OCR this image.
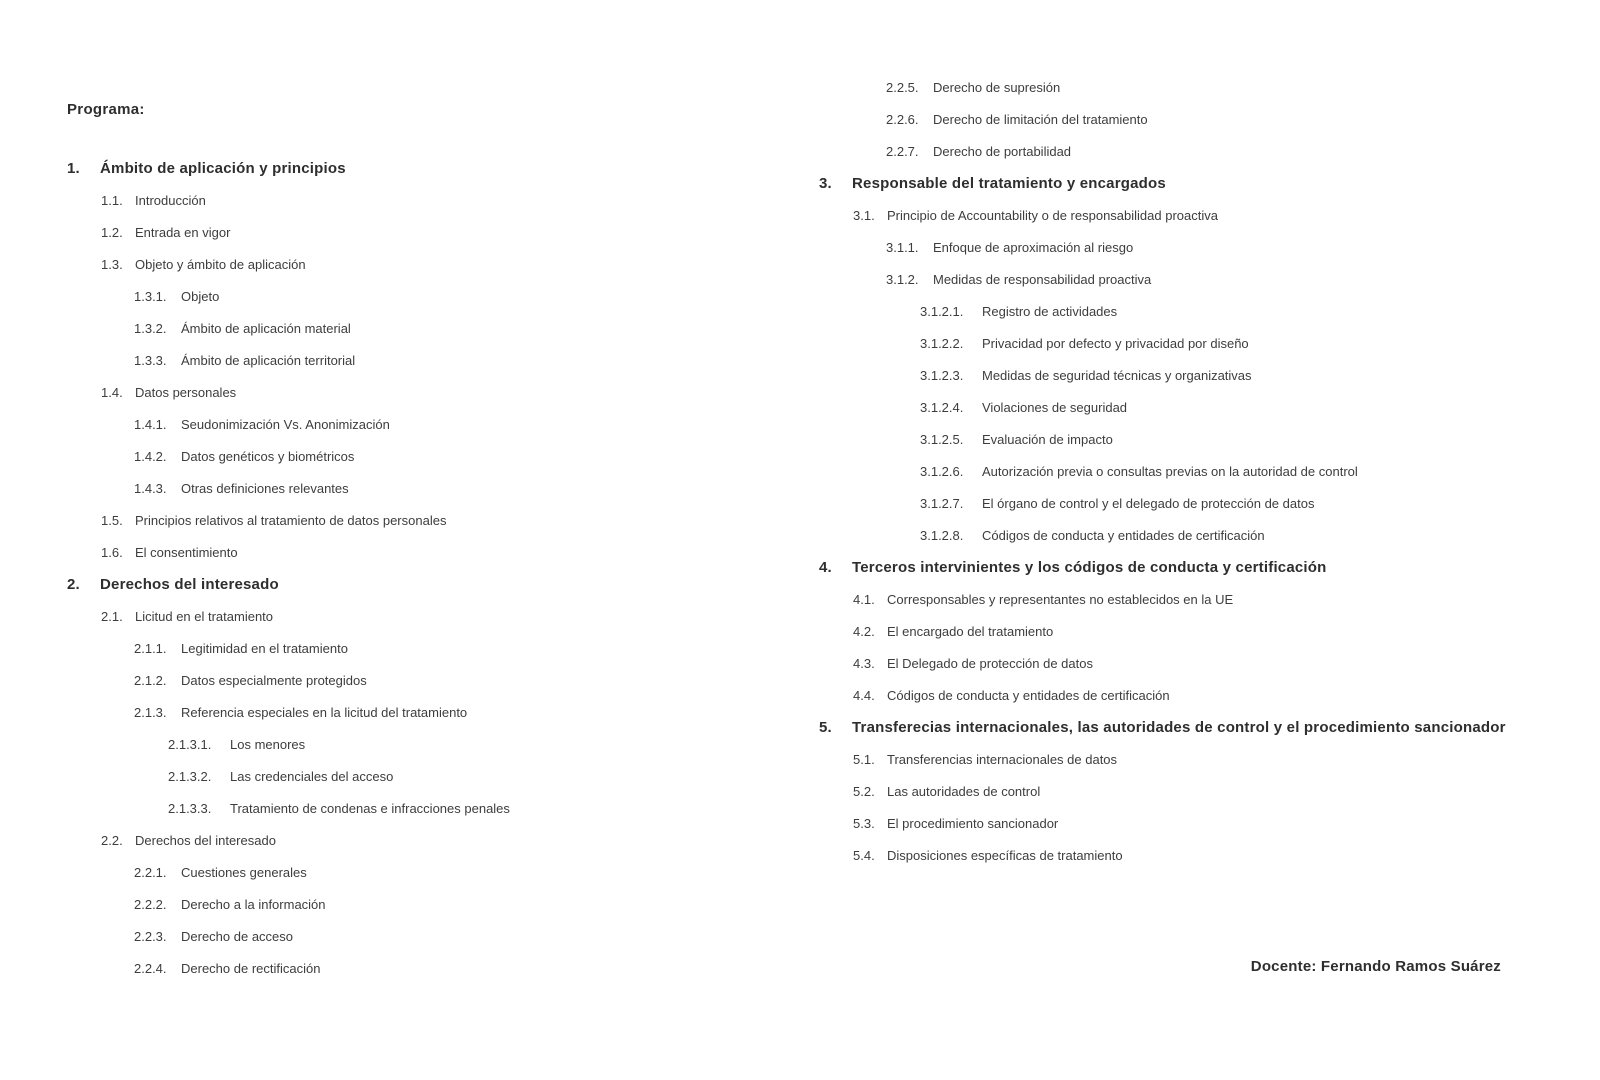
Programa:
1. Ámbito de aplicación y principios
1.1. Introducción
1.2. Entrada en vigor
1.3. Objeto y ámbito de aplicación
1.3.1. Objeto
1.3.2. Ámbito de aplicación material
1.3.3. Ámbito de aplicación territorial
1.4. Datos personales
1.4.1. Seudonimización Vs. Anonimización
1.4.2. Datos genéticos y biométricos
1.4.3. Otras definiciones relevantes
1.5. Principios relativos al tratamiento de datos personales
1.6. El consentimiento
2. Derechos del interesado
2.1. Licitud en el tratamiento
2.1.1. Legitimidad en el tratamiento
2.1.2. Datos especialmente protegidos
2.1.3. Referencia especiales en la licitud del tratamiento
2.1.3.1. Los menores
2.1.3.2. Las credenciales del acceso
2.1.3.3. Tratamiento de condenas e infracciones penales
2.2. Derechos del interesado
2.2.1. Cuestiones generales
2.2.2. Derecho a la información
2.2.3. Derecho de acceso
2.2.4. Derecho de rectificación
2.2.5. Derecho de supresión
2.2.6. Derecho de limitación del tratamiento
2.2.7. Derecho de portabilidad
3. Responsable del tratamiento y encargados
3.1. Principio de Accountability o de responsabilidad proactiva
3.1.1. Enfoque de aproximación al riesgo
3.1.2. Medidas de responsabilidad proactiva
3.1.2.1. Registro de actividades
3.1.2.2. Privacidad por defecto y privacidad por diseño
3.1.2.3. Medidas de seguridad técnicas y organizativas
3.1.2.4. Violaciones de seguridad
3.1.2.5. Evaluación de impacto
3.1.2.6. Autorización previa o consultas previas on la autoridad de control
3.1.2.7. El órgano de control y el delegado de protección de datos
3.1.2.8. Códigos de conducta y entidades de certificación
4. Terceros intervinientes y los códigos de conducta y certificación
4.1. Corresponsables y representantes no establecidos en la UE
4.2. El encargado del tratamiento
4.3. El Delegado de protección de datos
4.4. Códigos de conducta y entidades de certificación
5. Transferecias internacionales, las autoridades de control y el procedimiento sancionador
5.1. Transferencias internacionales de datos
5.2. Las autoridades de control
5.3. El procedimiento sancionador
5.4. Disposiciones específicas de tratamiento
Docente: Fernando Ramos Suárez
